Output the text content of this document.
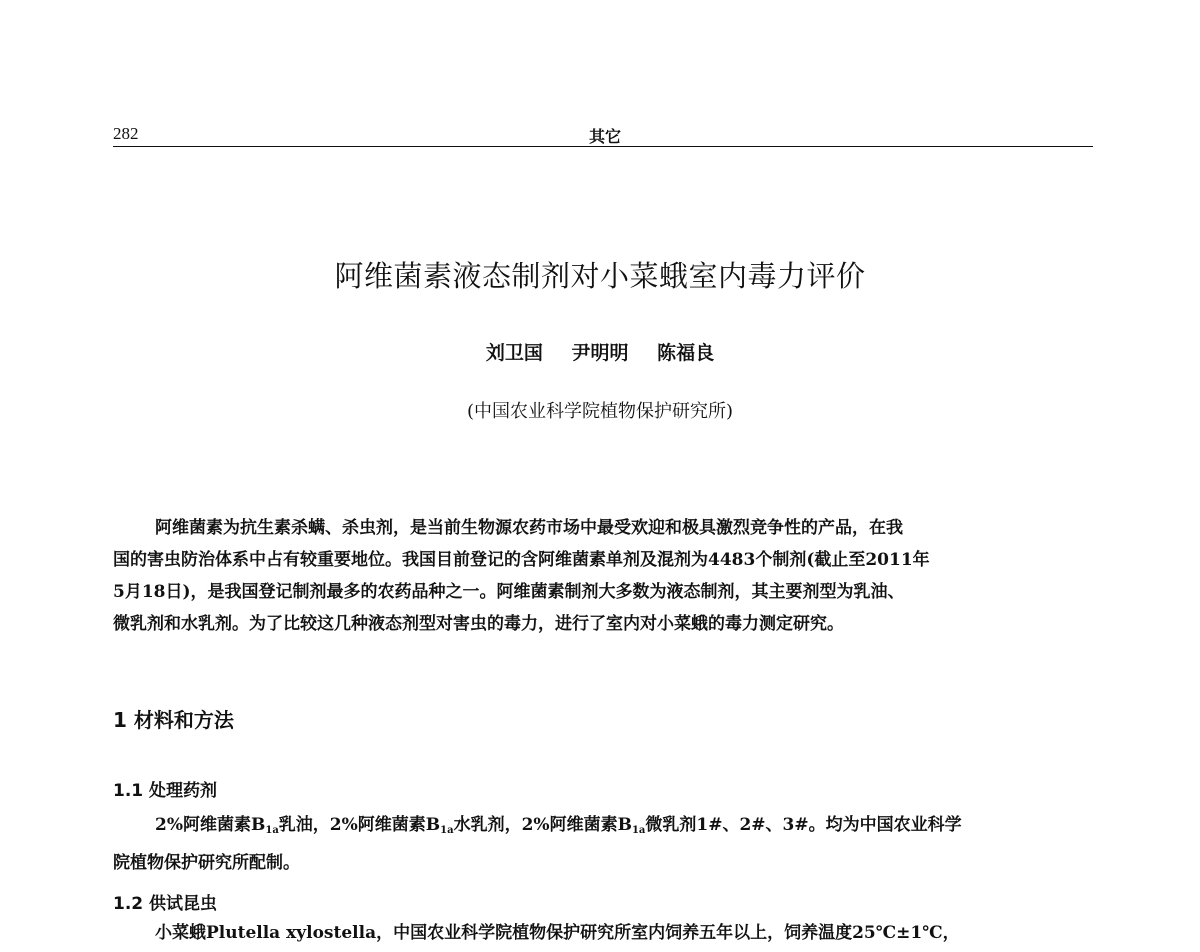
282	其它
阿维菌素液态制剂对小菜蛾室内毒力评价
刘卫国 尹明明 陈福良
(中国农业科学院植物保护研究所)
阿维菌素为抗生素杀螨、杀虫剂，是当前生物源农药市场中最受欢迎和极具激烈竞争性的产品，在我
国的害虫防治体系中占有较重要地位。我国目前登记的含阿维菌素单剂及混剂为4483个制剂(截止至2011年
5月18日)，是我国登记制剂最多的农药品种之一。阿维菌素制剂大多数为液态制剂，其主要剂型为乳油、
微乳剂和水乳剂。为了比较这几种液态剂型对害虫的毒力，进行了室内对小菜蛾的毒力测定研究。
1 材料和方法
1.1 处理药剂
2%阿维菌素$B_{1a}$乳油，2%阿维菌素$B_{1a}$水乳剂，2%阿维菌素$B_{1a}$微乳剂1#、2#、3#。均为中国农业科学
院植物保护研究所配制。
1.2 供试昆虫
小菜蛾Plutella xylostella，中国农业科学院植物保护研究所室内饲养五年以上，饲养温度25℃±1℃，
